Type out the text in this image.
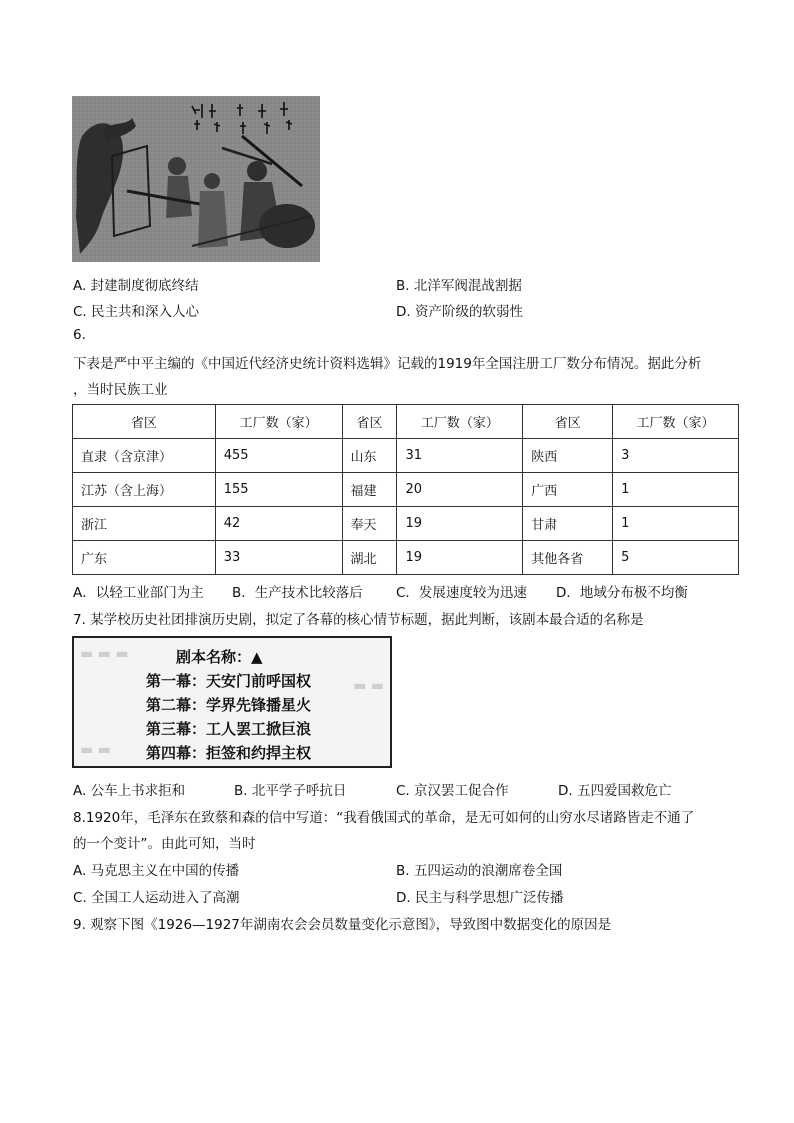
A. 封建制度彻底终结	B. 北洋军阀混战割据
C. 民主共和深入人心	D. 资产阶级的软弱性
6.
下表是严中平主编的《中国近代经济史统计资料选辑》记载的1919年全国注册工厂数分布情况。据此分析
，当时民族工业
省区	工厂数（家）	省区	工厂数（家）	省区	工厂数（家）
直隶（含京津）	455	山东	31	陕西	3
江苏（含上海）	155	福建	20	广西	1
浙江	42	奉天	19	甘肃	1
广东	33	湖北	19	其他各省	5
A．以轻工业部门为主 B．生产技术比较落后 C．发展速度较为迅速 D．地域分布极不均衡
7. 某学校历史社团排演历史剧，拟定了各幕的核心情节标题，据此判断，该剧本最合适的名称是
▬ ▬ ▬
▬ ▬
▬ ▬
剧本名称：▲
第一幕：天安门前呼国权
第二幕：学界先锋播星火
第三幕：工人罢工掀巨浪
第四幕：拒签和约捍主权
A. 公车上书求拒和	B. 北平学子呼抗日	C. 京汉罢工促合作	D. 五四爱国救危亡
8.1920年，毛泽东在致蔡和森的信中写道：“我看俄国式的革命，是无可如何的山穷水尽诸路皆走不通了
的一个变计”。由此可知，当时
A. 马克思主义在中国的传播	B. 五四运动的浪潮席卷全国
C. 全国工人运动进入了高潮	D. 民主与科学思想广泛传播
9. 观察下图《1926—1927年湖南农会会员数量变化示意图》，导致图中数据变化的原因是
